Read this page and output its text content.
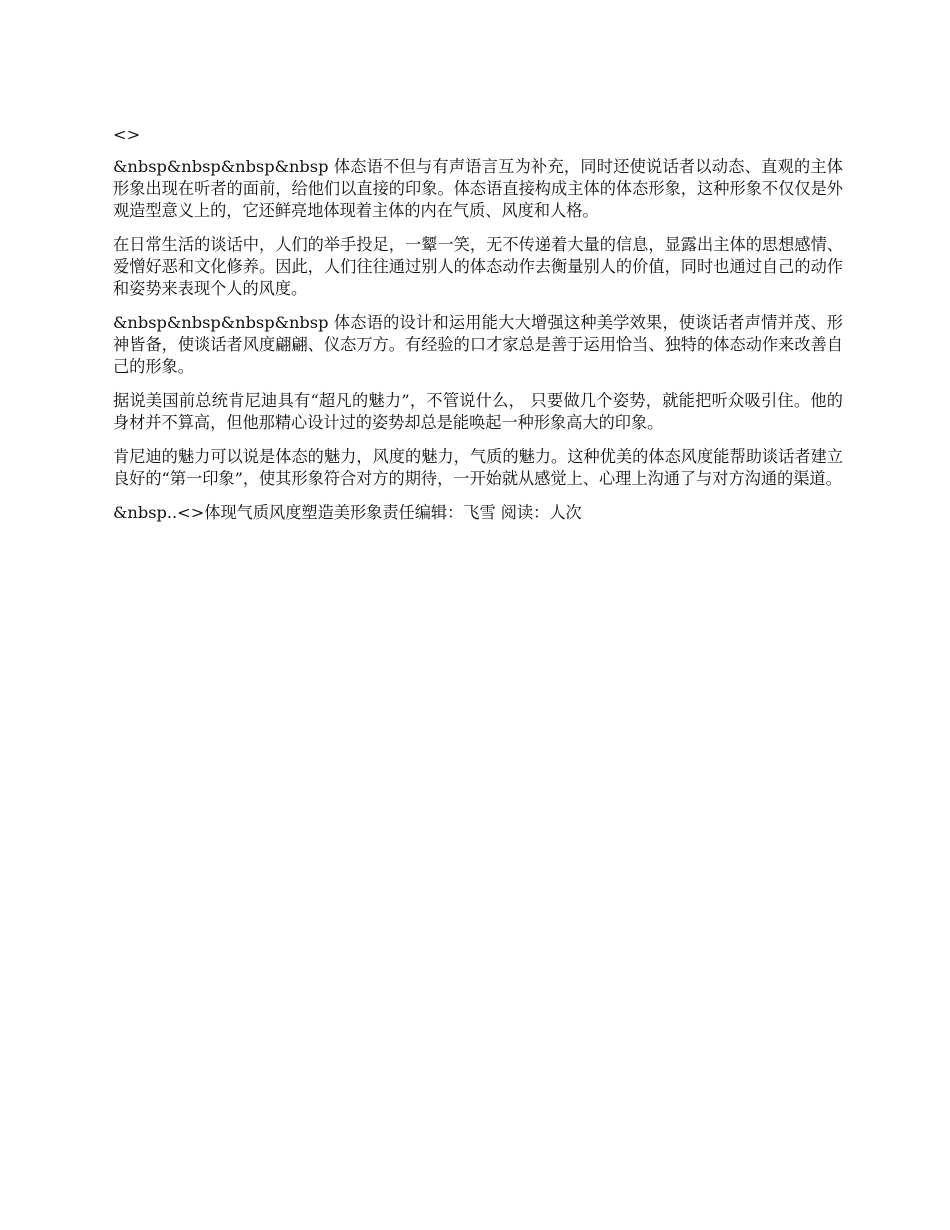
<>

&nbsp&nbsp&nbsp&nbsp 体态语不但与有声语言互为补充，同时还使说话者以动态、直观的主体形象出现在听者的面前，给他们以直接的印象。体态语直接构成主体的体态形象，这种形象不仅仅是外观造型意义上的，它还鲜亮地体现着主体的内在气质、风度和人格。

在日常生活的谈话中，人们的举手投足，一颦一笑，无不传递着大量的信息，显露出主体的思想感情、爱憎好恶和文化修养。因此，人们往往通过别人的体态动作去衡量别人的价值，同时也通过自己的动作和姿势来表现个人的风度。

&nbsp&nbsp&nbsp&nbsp 体态语的设计和运用能大大增强这种美学效果，使谈话者声情并茂、形神皆备，使谈话者风度翩翩、仪态万方。有经验的口才家总是善于运用恰当、独特的体态动作来改善自己的形象。

据说美国前总统肯尼迪具有“超凡的魅力”，不管说什么， 只要做几个姿势，就能把听众吸引住。他的身材并不算高，但他那精心设计过的姿势却总是能唤起一种形象高大的印象。

肯尼迪的魅力可以说是体态的魅力，风度的魅力，气质的魅力。这种优美的体态风度能帮助谈话者建立良好的“第一印象”，使其形象符合对方的期待，一开始就从感觉上、心理上沟通了与对方沟通的渠道。

&nbsp..<>体现气质风度塑造美形象责任编辑：飞雪 阅读：人次
